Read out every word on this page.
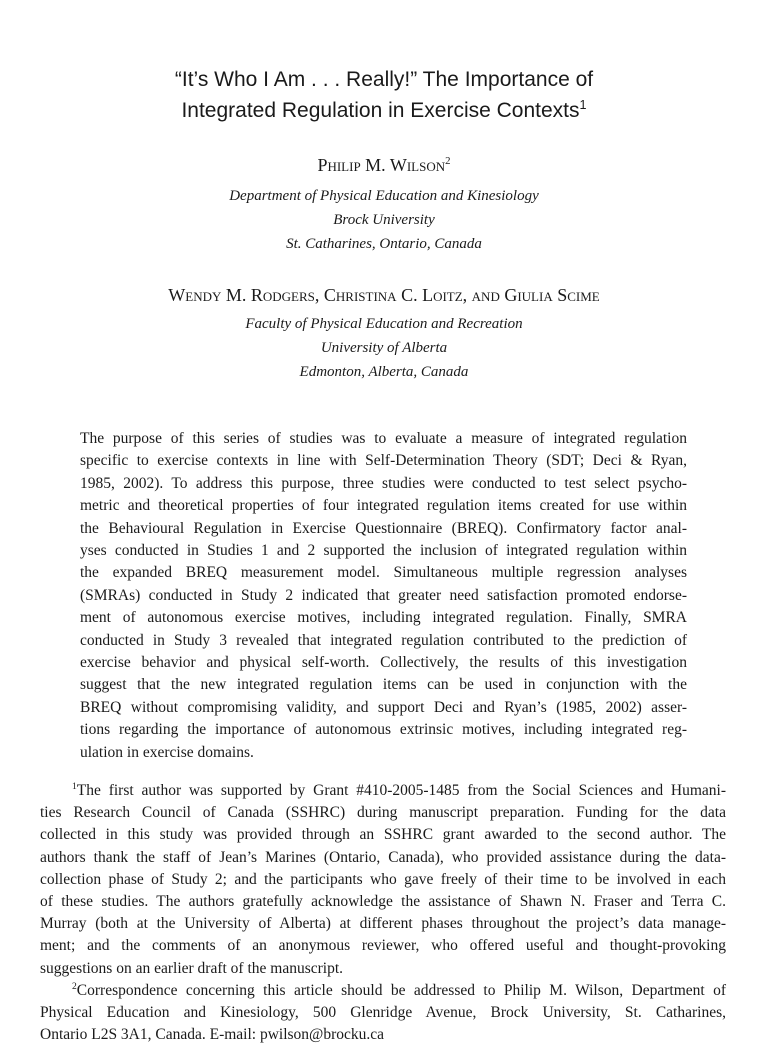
“It’s Who I Am . . . Really!” The Importance of
Integrated Regulation in Exercise Contexts$^1$
Philip M. Wilson$^2$
Department of Physical Education and Kinesiology
Brock University
St. Catharines, Ontario, Canada
Wendy M. Rodgers, Christina C. Loitz, and Giulia Scime
Faculty of Physical Education and Recreation
University of Alberta
Edmonton, Alberta, Canada
The purpose of this series of studies was to evaluate a measure of integrated regulation
specific to exercise contexts in line with Self-Determination Theory (SDT; Deci & Ryan,
1985, 2002). To address this purpose, three studies were conducted to test select psycho-
metric and theoretical properties of four integrated regulation items created for use within
the Behavioural Regulation in Exercise Questionnaire (BREQ). Confirmatory factor anal-
yses conducted in Studies 1 and 2 supported the inclusion of integrated regulation within
the expanded BREQ measurement model. Simultaneous multiple regression analyses
(SMRAs) conducted in Study 2 indicated that greater need satisfaction promoted endorse-
ment of autonomous exercise motives, including integrated regulation. Finally, SMRA
conducted in Study 3 revealed that integrated regulation contributed to the prediction of
exercise behavior and physical self-worth. Collectively, the results of this investigation
suggest that the new integrated regulation items can be used in conjunction with the
BREQ without compromising validity, and support Deci and Ryan’s (1985, 2002) asser-
tions regarding the importance of autonomous extrinsic motives, including integrated reg-
ulation in exercise domains.
$^1$The first author was supported by Grant #410-2005-1485 from the Social Sciences and Humani-
ties Research Council of Canada (SSHRC) during manuscript preparation. Funding for the data
collected in this study was provided through an SSHRC grant awarded to the second author. The
authors thank the staff of Jean’s Marines (Ontario, Canada), who provided assistance during the data-
collection phase of Study 2; and the participants who gave freely of their time to be involved in each
of these studies. The authors gratefully acknowledge the assistance of Shawn N. Fraser and Terra C.
Murray (both at the University of Alberta) at different phases throughout the project’s data manage-
ment; and the comments of an anonymous reviewer, who offered useful and thought-provoking
suggestions on an earlier draft of the manuscript.
$^2$Correspondence concerning this article should be addressed to Philip M. Wilson, Department of
Physical Education and Kinesiology, 500 Glenridge Avenue, Brock University, St. Catharines,
Ontario L2S 3A1, Canada. E-mail: pwilson@brocku.ca
